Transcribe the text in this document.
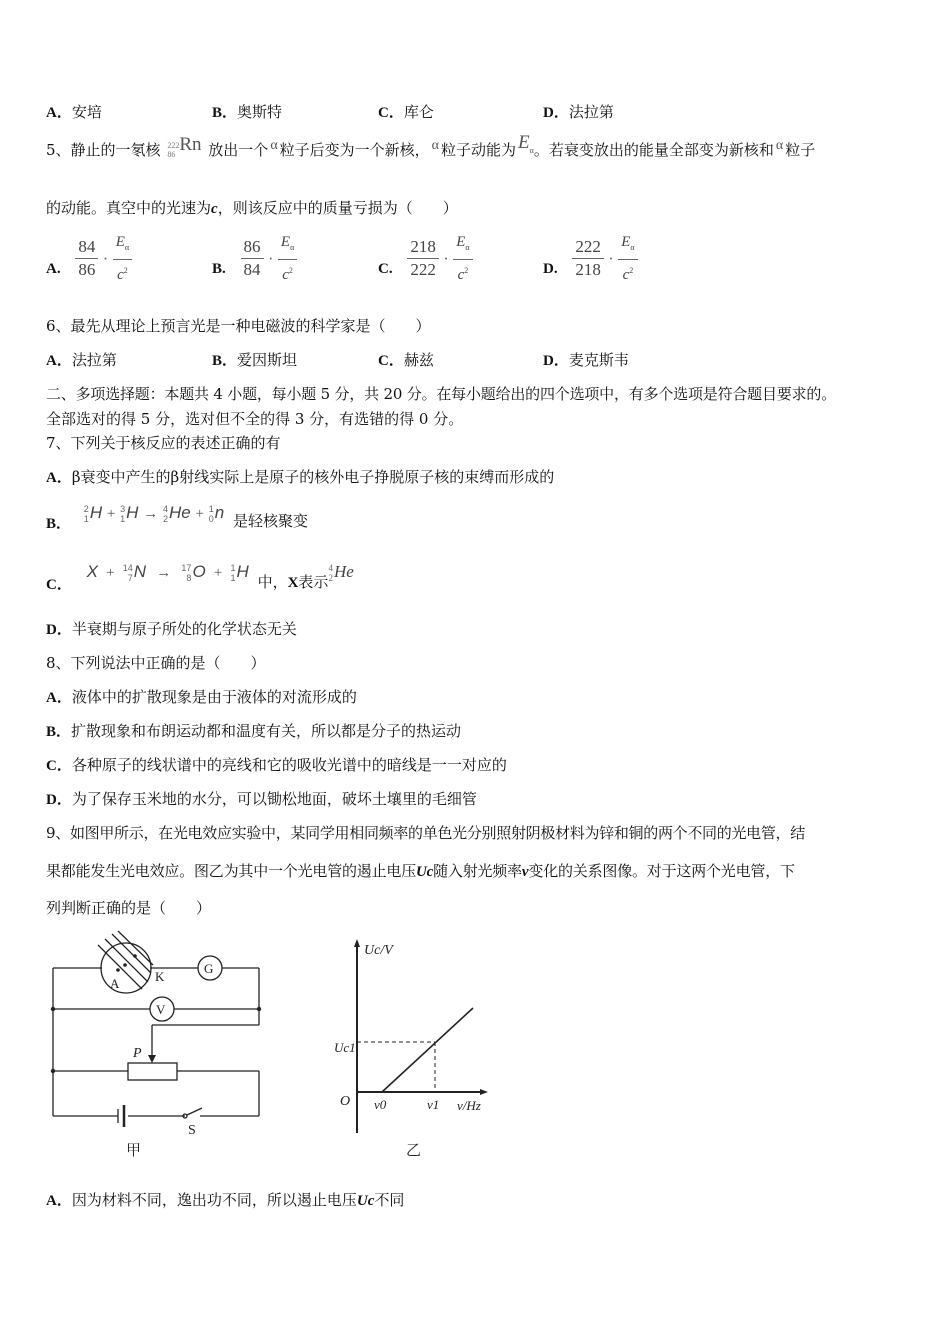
A．安培	B．奥斯特	C．库仑	D．法拉第
5、静止的一氡核 222
86 Rn 放出一个 α 粒子后变为一个新核， α 粒子动能为 Eα。若衰变放出的能量全部变为新核和 α 粒子
的动能。真空中的光速为c，则该反应中的质量亏损为（　　）
A. $\frac{84}{86} \cdot \frac{E_\alpha}{c^2}$	B. $\frac{86}{84} \cdot \frac{E_\alpha}{c^2}$	C. $\frac{218}{222} \cdot \frac{E_\alpha}{c^2}$	D. $\frac{222}{218} \cdot \frac{E_\alpha}{c^2}$
6、最先从理论上预言光是一种电磁波的科学家是（　　）
A．法拉第	B．爱因斯坦	C．赫兹	D．麦克斯韦
二、多项选择题：本题共 4 小题，每小题 5 分，共 20 分。在每小题给出的四个选项中，有多个选项是符合题目要求的。
全部选对的得 5 分，选对但不全的得 3 分，有选错的得 0 分。
7、下列关于核反应的表述正确的有
A．β衰变中产生的β射线实际上是原子的核外电子挣脱原子核的束缚而形成的
B．
2
1 H + 3
1 H → 4
2 He + 1
0 n 是轻核聚变
C． X + 14
7 N → 17
8 O + 1
1 H 中，X表示
4
2 He
D．半衰期与原子所处的化学状态无关
8、下列说法中正确的是（　　）
A．液体中的扩散现象是由于液体的对流形成的
B．扩散现象和布朗运动都和温度有关，所以都是分子的热运动
C．各种原子的线状谱中的亮线和它的吸收光谱中的暗线是一一对应的
D．为了保存玉米地的水分，可以锄松地面，破坏土壤里的毛细管
9、如图甲所示，在光电效应实验中，某同学用相同频率的单色光分别照射阴极材料为锌和铜的两个不同的光电管，结
果都能发生光电效应。图乙为其中一个光电管的遏止电压Uc随入射光频率v变化的关系图像。对于这两个光电管，下
列判断正确的是（　　）
A	K
G
V
P
S
甲
Uc/V
Uc1
O ν0	ν1 ν/Hz
乙
A．因为材料不同，逸出功不同，所以遏止电压Uc不同
